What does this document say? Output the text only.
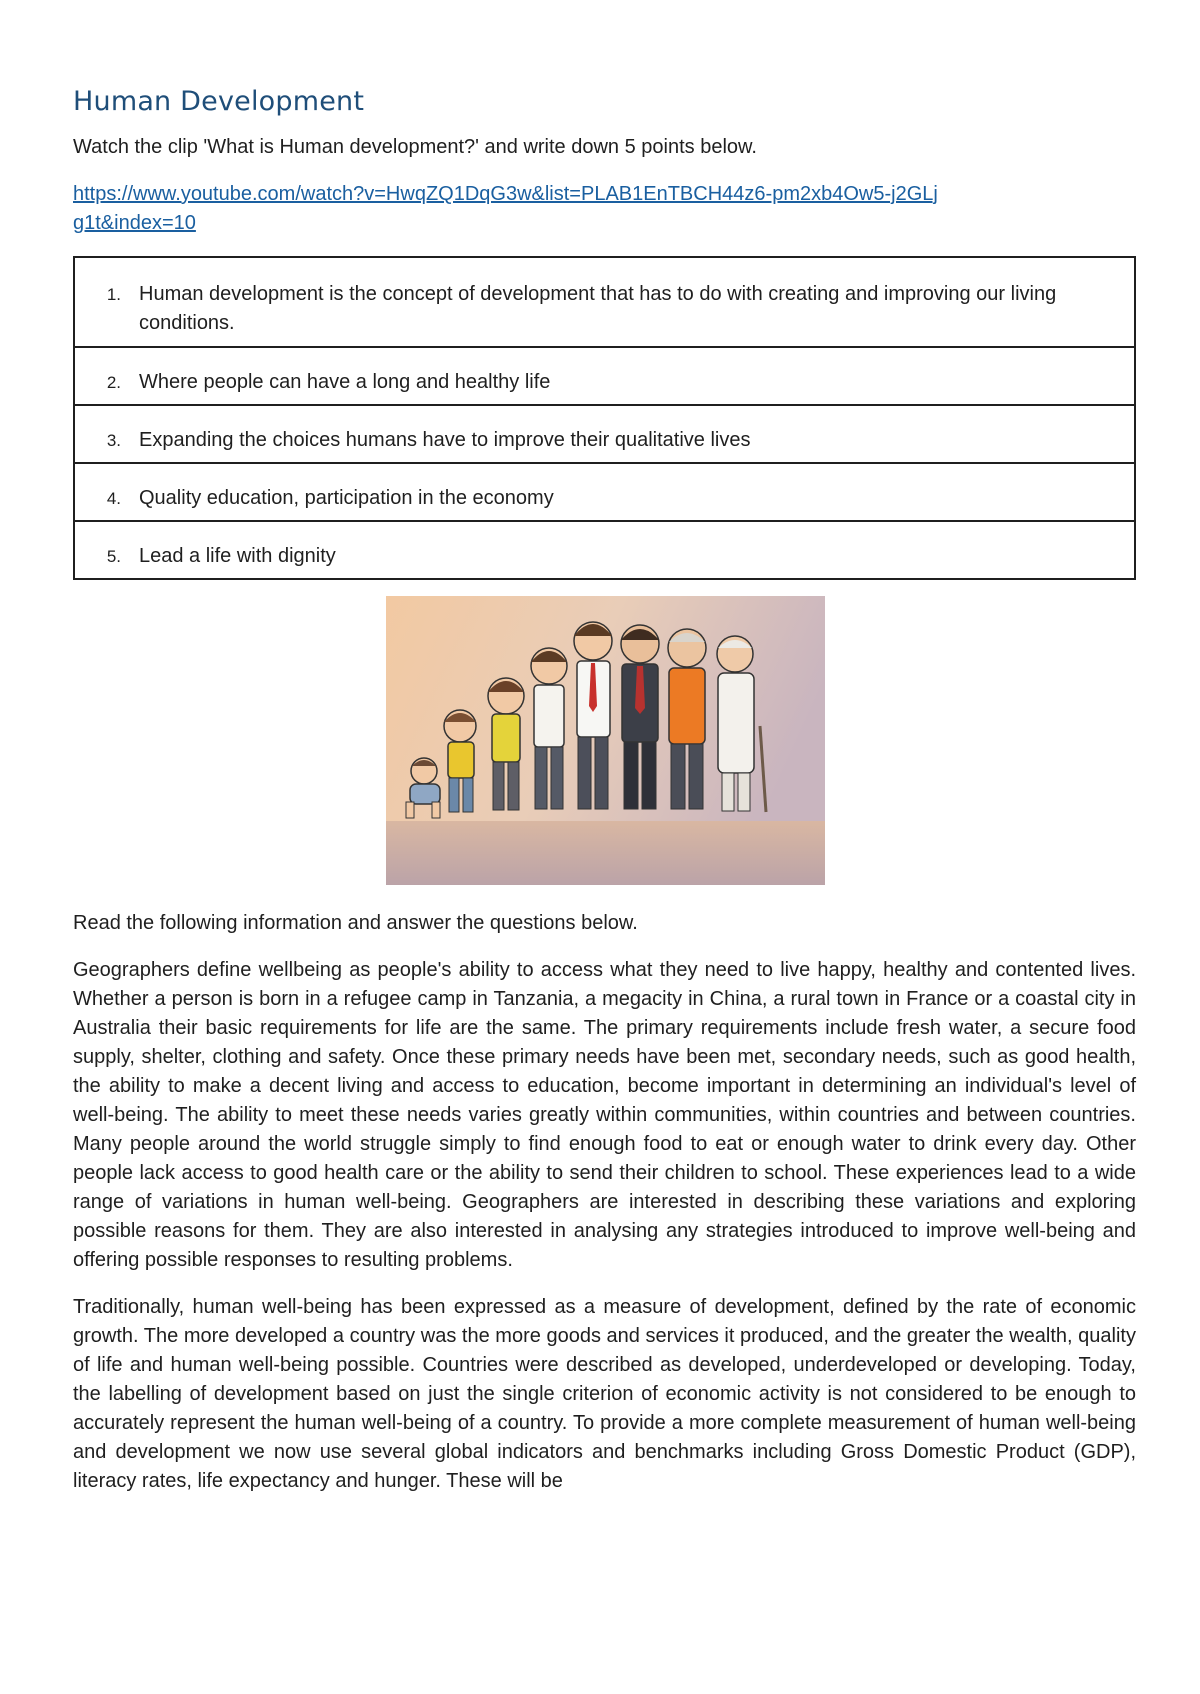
Human Development

Watch the clip 'What is Human development?' and write down 5 points below.

https://www.youtube.com/watch?v=HwqZQ1DqG3w&list=PLAB1EnTBCH44z6-pm2xb4Ow5-j2GLj
g1t&index=10
1. Human development is the concept of development that has to do with creating and improving our living conditions.

2. Where people can have a long and healthy life

3. Expanding the choices humans have to improve their qualitative lives

4. Quality education, participation in the economy

5. Lead a life with dignity

Read the following information and answer the questions below.

Geographers define wellbeing as people's ability to access what they need to live happy, healthy and contented lives. Whether a person is born in a refugee camp in Tanzania, a megacity in China, a rural town in France or a coastal city in Australia their basic requirements for life are the same. The primary requirements include fresh water, a secure food supply, shelter, clothing and safety. Once these primary needs have been met, secondary needs, such as good health, the ability to make a decent living and access to education, become important in determining an individual's level of well-being. The ability to meet these needs varies greatly within communities, within countries and between countries. Many people around the world struggle simply to find enough food to eat or enough water to drink every day. Other people lack access to good health care or the ability to send their children to school. These experiences lead to a wide range of variations in human well-being. Geographers are interested in describing these variations and exploring possible reasons for them. They are also interested in analysing any strategies introduced to improve well-being and offering possible responses to resulting problems.

Traditionally, human well-being has been expressed as a measure of development, defined by the rate of economic growth. The more developed a country was the more goods and services it produced, and the greater the wealth, quality of life and human well-being possible. Countries were described as developed, underdeveloped or developing. Today, the labelling of development based on just the single criterion of economic activity is not considered to be enough to accurately represent the human well-being of a country. To provide a more complete measurement of human well-being and development we now use several global indicators and benchmarks including Gross Domestic Product (GDP), literacy rates, life expectancy and hunger. These will be
